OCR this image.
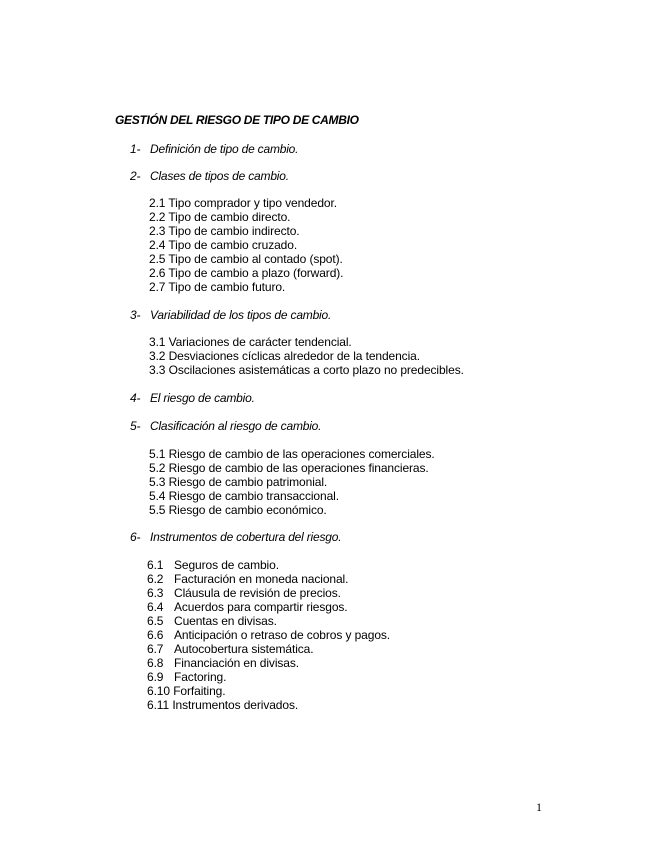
GESTIÓN DEL RIESGO DE TIPO DE CAMBIO

1- Definición de tipo de cambio.

2- Clases de tipos de cambio.

2.1 Tipo comprador y tipo vendedor.
2.2 Tipo de cambio directo.
2.3 Tipo de cambio indirecto.
2.4 Tipo de cambio cruzado.
2.5 Tipo de cambio al contado (spot).
2.6 Tipo de cambio a plazo (forward).
2.7 Tipo de cambio futuro.

3- Variabilidad de los tipos de cambio.

3.1 Variaciones de carácter tendencial.
3.2 Desviaciones cíclicas alrededor de la tendencia.
3.3 Oscilaciones asistemáticas a corto plazo no predecibles.

4- El riesgo de cambio.

5- Clasificación al riesgo de cambio.

5.1 Riesgo de cambio de las operaciones comerciales.
5.2 Riesgo de cambio de las operaciones financieras.
5.3 Riesgo de cambio patrimonial.
5.4 Riesgo de cambio transaccional.
5.5 Riesgo de cambio económico.

6- Instrumentos de cobertura del riesgo.

6.1 Seguros de cambio.
6.2 Facturación en moneda nacional.
6.3 Cláusula de revisión de precios.
6.4 Acuerdos para compartir riesgos.
6.5 Cuentas en divisas.
6.6 Anticipación o retraso de cobros y pagos.
6.7 Autocobertura sistemática.
6.8 Financiación en divisas.
6.9 Factoring.
6.10 Forfaiting.
6.11 Instrumentos derivados.

1
